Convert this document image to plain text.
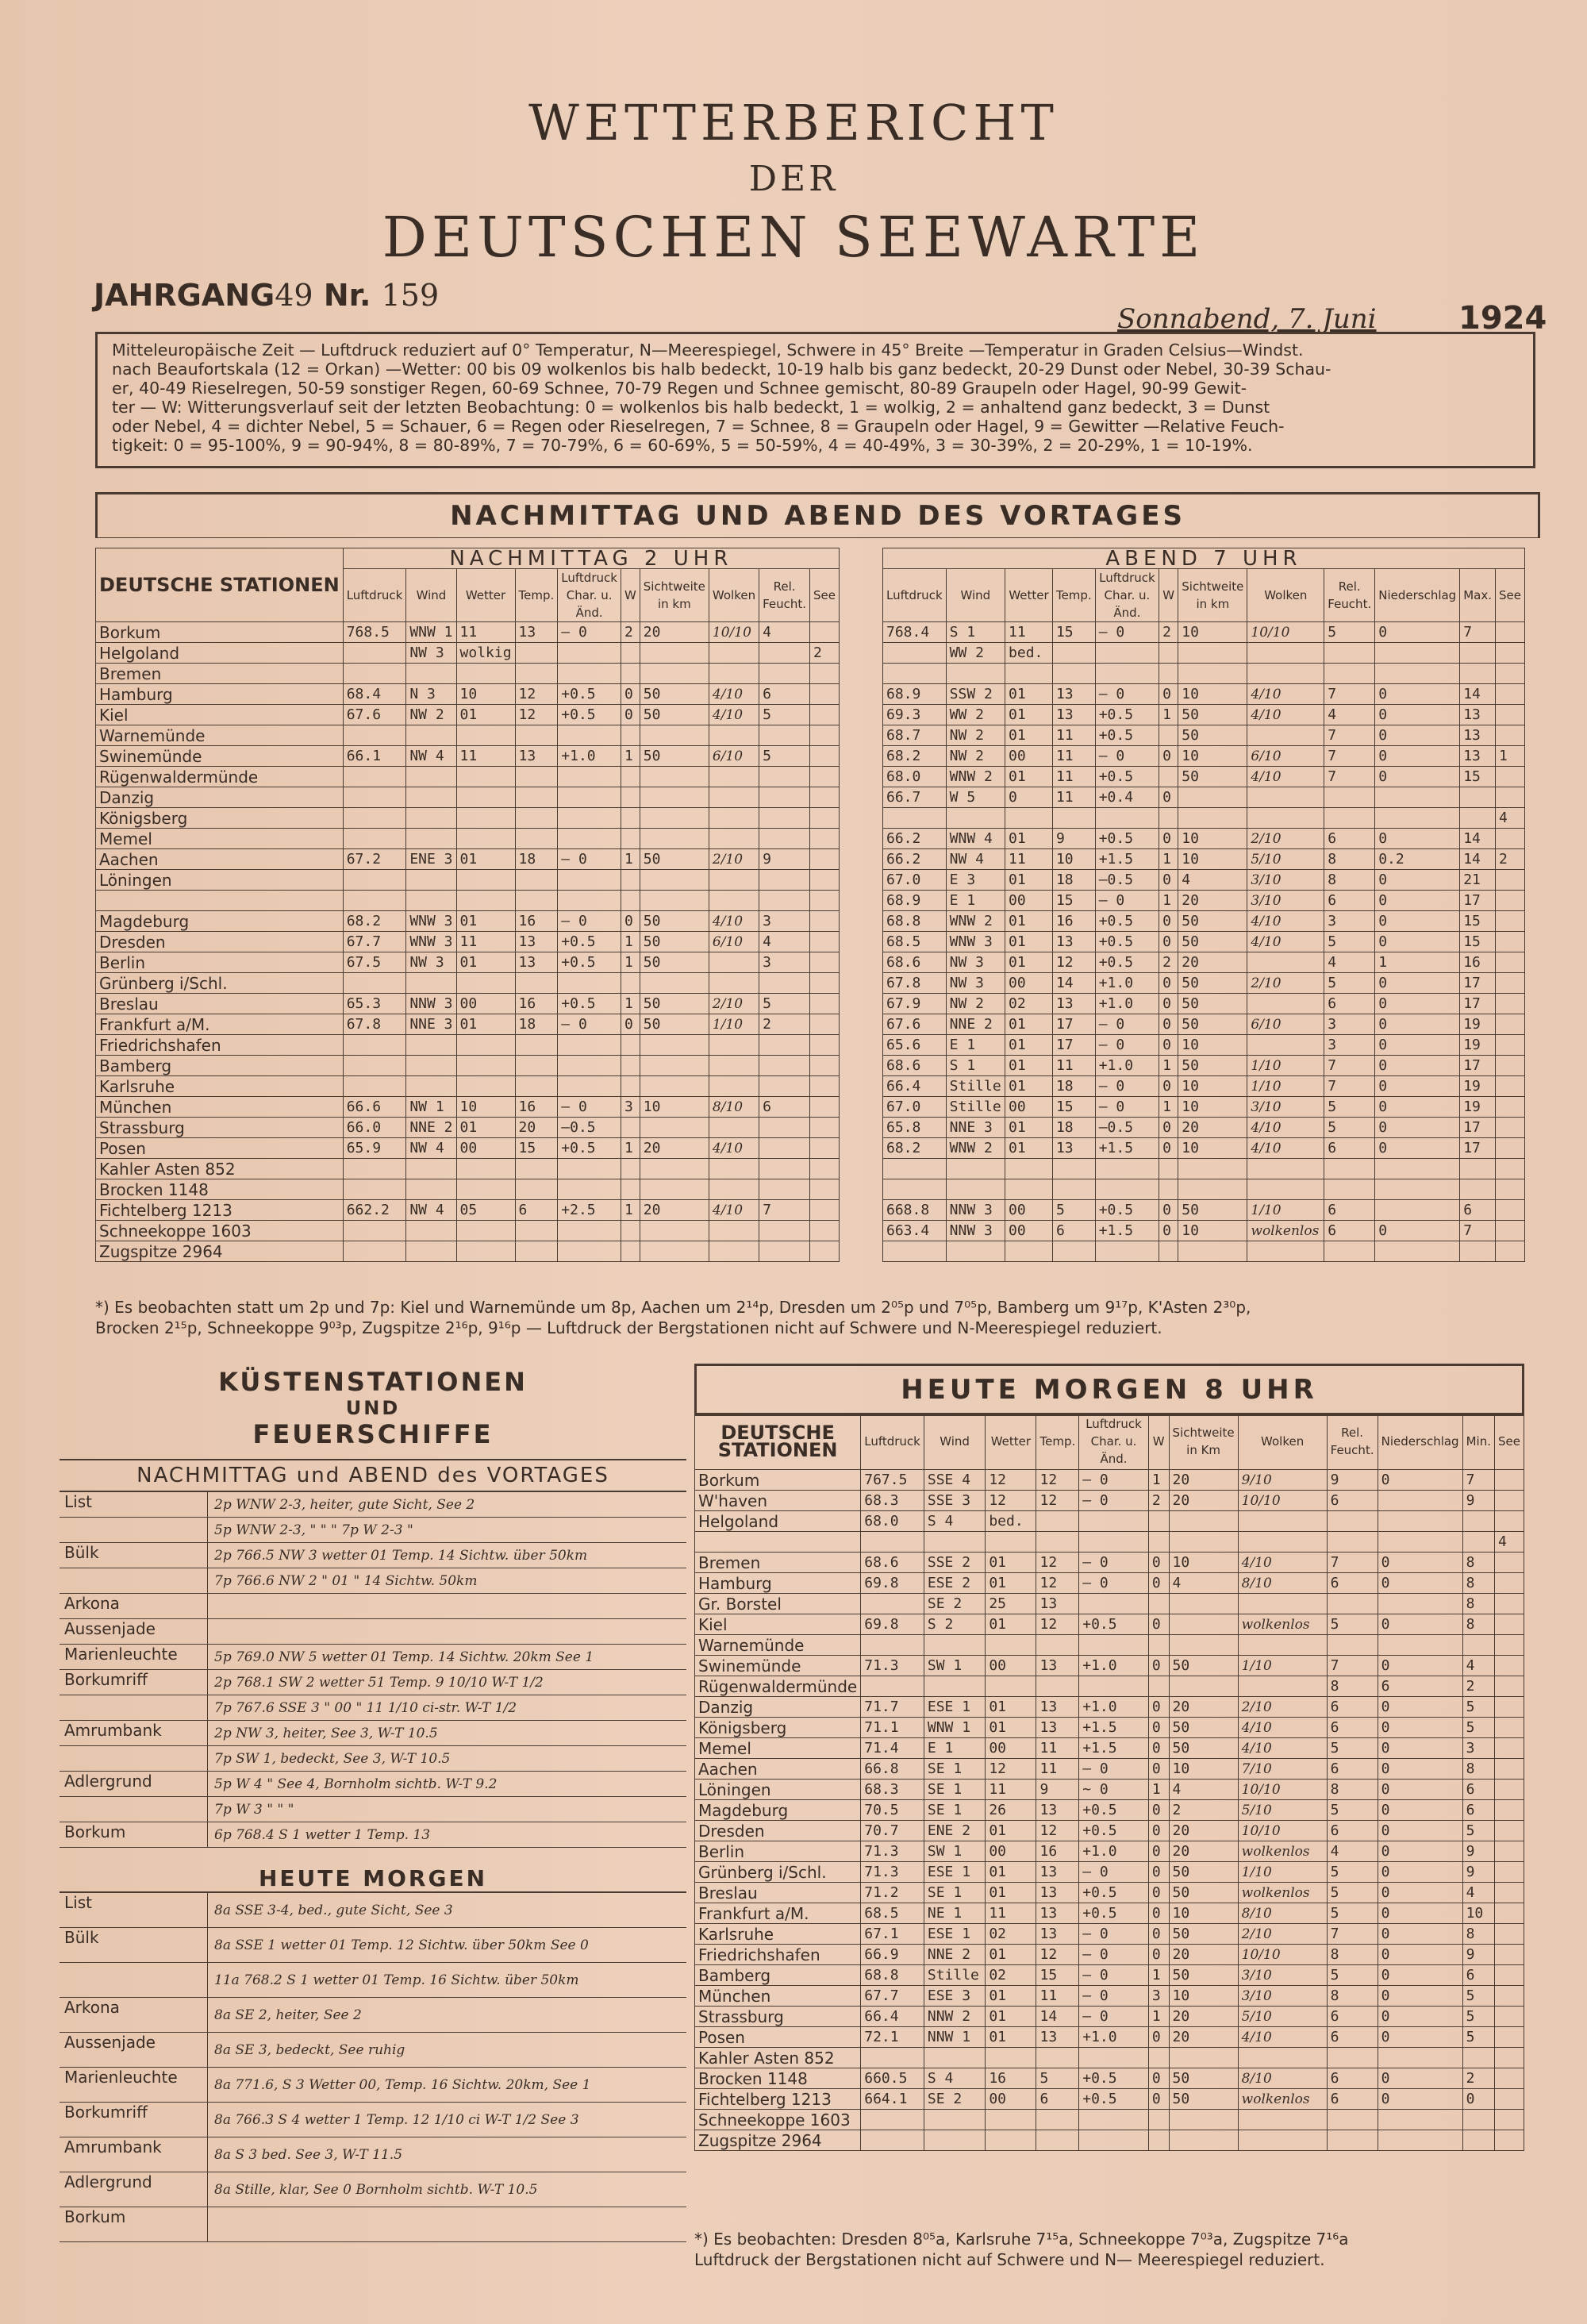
WETTERBERICHT
DER
DEUTSCHEN SEEWARTE
JAHRGANG49 Nr. 159
Sonnabend, 7. Juni	1924

Mitteleuropäische Zeit — Luftdruck reduziert auf 0° Temperatur, N—Meerespiegel, Schwere in 45° Breite —Temperatur in Graden Celsius—Windst.

nach Beaufortskala (12 = Orkan) —Wetter: 00 bis 09 wolkenlos bis halb bedeckt, 10-19 halb bis ganz bedeckt, 20-29 Dunst oder Nebel, 30-39 Schau-

er, 40-49 Rieselregen, 50-59 sonstiger Regen, 60-69 Schnee, 70-79 Regen und Schnee gemischt, 80-89 Graupeln oder Hagel, 90-99 Gewit-

ter — W: Witterungsverlauf seit der letzten Beobachtung: 0 = wolkenlos bis halb bedeckt, 1 = wolkig, 2 = anhaltend ganz bedeckt, 3 = Dunst

oder Nebel, 4 = dichter Nebel, 5 = Schauer, 6 = Regen oder Rieselregen, 7 = Schnee, 8 = Graupeln oder Hagel, 9 = Gewitter —Relative Feuch-

tigkeit: 0 = 95-100%, 9 = 90-94%, 8 = 80-89%, 7 = 70-79%, 6 = 60-69%, 5 = 50-59%, 4 = 40-49%, 3 = 30-39%, 2 = 20-29%, 1 = 10-19%.

NACHMITTAG UND ABEND DES VORTAGES
DEUTSCHE STATIONEN	NACHMITTAG 2 UHR									
	Luftdruck	Wind	Wetter	Temp.	Luftdruck Char. u. Änd.	W	Sichtweite in km	Wolken	Rel. Feucht.	See
Borkum	768.5	WNW 1	11	13	— 0	2	20	10/10	4	
Helgoland		NW 3	wolkig							2
Bremen										
Hamburg	68.4	N 3	10	12	+0.5	0	50	4/10	6	
Kiel	67.6	NW 2	01	12	+0.5	0	50	4/10	5	
Warnemünde										
Swinemünde	66.1	NW 4	11	13	+1.0	1	50	6/10	5	
Rügenwaldermünde										
Danzig										
Königsberg										
Memel										
Aachen	67.2	ENE 3	01	18	— 0	1	50	2/10	9	
Löningen										

Magdeburg	68.2	WNW 3	01	16	— 0	0	50	4/10	3	
Dresden	67.7	WNW 3	11	13	+0.5	1	50	6/10	4	
Berlin	67.5	NW 3	01	13	+0.5	1	50		3	
Grünberg i/Schl.										
Breslau	65.3	NNW 3	00	16	+0.5	1	50	2/10	5	
Frankfurt a/M.	67.8	NNE 3	01	18	— 0	0	50	1/10	2	
Friedrichshafen										
Bamberg										
Karlsruhe										
München	66.6	NW 1	10	16	— 0	3	10	8/10	6	
Strassburg	66.0	NNE 2	01	20	—0.5					
Posen	65.9	NW 4	00	15	+0.5	1	20	4/10		
Kahler Asten 852										
Brocken 1148										
Fichtelberg 1213	662.2	NW 4	05	6	+2.5	1	20	4/10	7	
Schneekoppe 1603										
Zugspitze 2964										
ABEND 7 UHR											
Luftdruck	Wind	Wetter	Temp.	Luftdruck Char. u. Änd.	W	Sichtweite in km	Wolken	Rel. Feucht.	Niederschlag	Max.	See
768.4	S 1	11	15	— 0	2	10	10/10	5	0	7	
	WW 2	bed.									

68.9	SSW 2	01	13	— 0	0	10	4/10	7	0	14	
69.3	WW 2	01	13	+0.5	1	50	4/10	4	0	13	
68.7	NW 2	01	11	+0.5		50		7	0	13	
68.2	NW 2	00	11	— 0	0	10	6/10	7	0	13	1
68.0	WNW 2	01	11	+0.5		50	4/10	7	0	15	
66.7	W 5	0	11	+0.4	0						
											4
66.2	WNW 4	01	9	+0.5	0	10	2/10	6	0	14	
66.2	NW 4	11	10	+1.5	1	10	5/10	8	0.2	14	2
67.0	E 3	01	18	—0.5	0	4	3/10	8	0	21	
68.9	E 1	00	15	— 0	1	20	3/10	6	0	17	
68.8	WNW 2	01	16	+0.5	0	50	4/10	3	0	15	
68.5	WNW 3	01	13	+0.5	0	50	4/10	5	0	15	
68.6	NW 3	01	12	+0.5	2	20		4	1	16	
67.8	NW 3	00	14	+1.0	0	50	2/10	5	0	17	
67.9	NW 2	02	13	+1.0	0	50		6	0	17	
67.6	NNE 2	01	17	— 0	0	50	6/10	3	0	19	
65.6	E 1	01	17	— 0	0	10		3	0	19	
68.6	S 1	01	11	+1.0	1	50	1/10	7	0	17	
66.4	Stille	01	18	— 0	0	10	1/10	7	0	19	
67.0	Stille	00	15	— 0	1	10	3/10	5	0	19	
65.8	NNE 3	01	18	—0.5	0	20	4/10	5	0	17	
68.2	WNW 2	01	13	+1.5	0	10	4/10	6	0	17	

668.8	NNW 3	00	5	+0.5	0	50	1/10	6		6	
663.4	NNW 3	00	6	+1.5	0	10	wolkenlos	6	0	7	

*) Es beobachten statt um 2p und 7p: Kiel und Warnemünde um 8p, Aachen um 2¹⁴p, Dresden um 2⁰⁵p und 7⁰⁵p, Bamberg um 9¹⁷p, K'Asten 2³⁰p,
Brocken 2¹⁵p, Schneekoppe 9⁰³p, Zugspitze 2¹⁶p, 9¹⁶p — Luftdruck der Bergstationen nicht auf Schwere und N-Meerespiegel reduziert.
KÜSTENSTATIONEN
UND
FEUERSCHIFFE
NACHMITTAG und ABEND des VORTAGES
List	2p WNW 2-3, heiter, gute Sicht, See 2
5p WNW 2-3, " " " 7p W 2-3 "
Bülk	2p 766.5 NW 3 wetter 01 Temp. 14 Sichtw. über 50km
7p 766.6 NW 2 " 01 " 14 Sichtw. 50km
Arkona
Aussenjade
Marienleuchte	5p 769.0 NW 5 wetter 01 Temp. 14 Sichtw. 20km See 1
Borkumriff	2p 768.1 SW 2 wetter 51 Temp. 9 10/10 W-T 1/2
7p 767.6 SSE 3 " 00 " 11 1/10 ci-str. W-T 1/2
Amrumbank	2p NW 3, heiter, See 3, W-T 10.5
7p SW 1, bedeckt, See 3, W-T 10.5
Adlergrund	5p W 4 " See 4, Bornholm sichtb. W-T 9.2
7p W 3 " " "
Borkum	6p 768.4 S 1 wetter 1 Temp. 13
HEUTE MORGEN
List	8a SSE 3-4, bed., gute Sicht, See 3
Bülk	8a SSE 1 wetter 01 Temp. 12 Sichtw. über 50km See 0
11a 768.2 S 1 wetter 01 Temp. 16 Sichtw. über 50km
Arkona	8a SE 2, heiter, See 2
Aussenjade	8a SE 3, bedeckt, See ruhig
Marienleuchte	8a 771.6, S 3 Wetter 00, Temp. 16 Sichtw. 20km, See 1
Borkumriff	8a 766.3 S 4 wetter 1 Temp. 12 1/10 ci W-T 1/2 See 3
Amrumbank	8a S 3 bed. See 3, W-T 11.5
Adlergrund	8a Stille, klar, See 0 Bornholm sichtb. W-T 10.5
Borkum
HEUTE MORGEN 8 UHR
DEUTSCHE STATIONEN	Luftdruck	Wind	Wetter	Temp.	Luftdruck Char. u. Änd.	W	Sichtweite in Km	Wolken	Rel. Feucht.	Niederschlag	Min.	See
Borkum	767.5	SSE 4	12	12	— 0	1	20	9/10	9	0	7	
W'haven	68.3	SSE 3	12	12	— 0	2	20	10/10	6		9	
Helgoland	68.0	S 4	bed.									
												4
Bremen	68.6	SSE 2	01	12	— 0	0	10	4/10	7	0	8	
Hamburg	69.8	ESE 2	01	12	— 0	0	4	8/10	6	0	8	
Gr. Borstel		SE 2	25	13							8	
Kiel	69.8	S 2	01	12	+0.5	0		wolkenlos	5	0	8	
Warnemünde												
Swinemünde	71.3	SW 1	00	13	+1.0	0	50	1/10	7	0	4	
Rügenwaldermünde									8	6	2	
Danzig	71.7	ESE 1	01	13	+1.0	0	20	2/10	6	0	5	
Königsberg	71.1	WNW 1	01	13	+1.5	0	50	4/10	6	0	5	
Memel	71.4	E 1	00	11	+1.5	0	50	4/10	5	0	3	
Aachen	66.8	SE 1	12	11	— 0	0	10	7/10	6	0	8	
Löningen	68.3	SE 1	11	9	~ 0	1	4	10/10	8	0	6	
Magdeburg	70.5	SE 1	26	13	+0.5	0	2	5/10	5	0	6	
Dresden	70.7	ENE 2	01	12	+0.5	0	20	10/10	6	0	5	
Berlin	71.3	SW 1	00	16	+1.0	0	20	wolkenlos	4	0	9	
Grünberg i/Schl.	71.3	ESE 1	01	13	— 0	0	50	1/10	5	0	9	
Breslau	71.2	SE 1	01	13	+0.5	0	50	wolkenlos	5	0	4	
Frankfurt a/M.	68.5	NE 1	11	13	+0.5	0	10	8/10	5	0	10	
Karlsruhe	67.1	ESE 1	02	13	— 0	0	50	2/10	7	0	8	
Friedrichshafen	66.9	NNE 2	01	12	— 0	0	20	10/10	8	0	9	
Bamberg	68.8	Stille	02	15	— 0	1	50	3/10	5	0	6	
München	67.7	ESE 3	01	11	— 0	3	10	3/10	8	0	5	
Strassburg	66.4	NNW 2	01	14	— 0	1	20	5/10	6	0	5	
Posen	72.1	NNW 1	01	13	+1.0	0	20	4/10	6	0	5	
Kahler Asten 852												
Brocken 1148	660.5	S 4	16	5	+0.5	0	50	8/10	6	0	2	
Fichtelberg 1213	664.1	SE 2	00	6	+0.5	0	50	wolkenlos	6	0	0	
Schneekoppe 1603												
Zugspitze 2964												
*) Es beobachten: Dresden 8⁰⁵a, Karlsruhe 7¹⁵a, Schneekoppe 7⁰³a, Zugspitze 7¹⁶a
Luftdruck der Bergstationen nicht auf Schwere und N— Meerespiegel reduziert.
